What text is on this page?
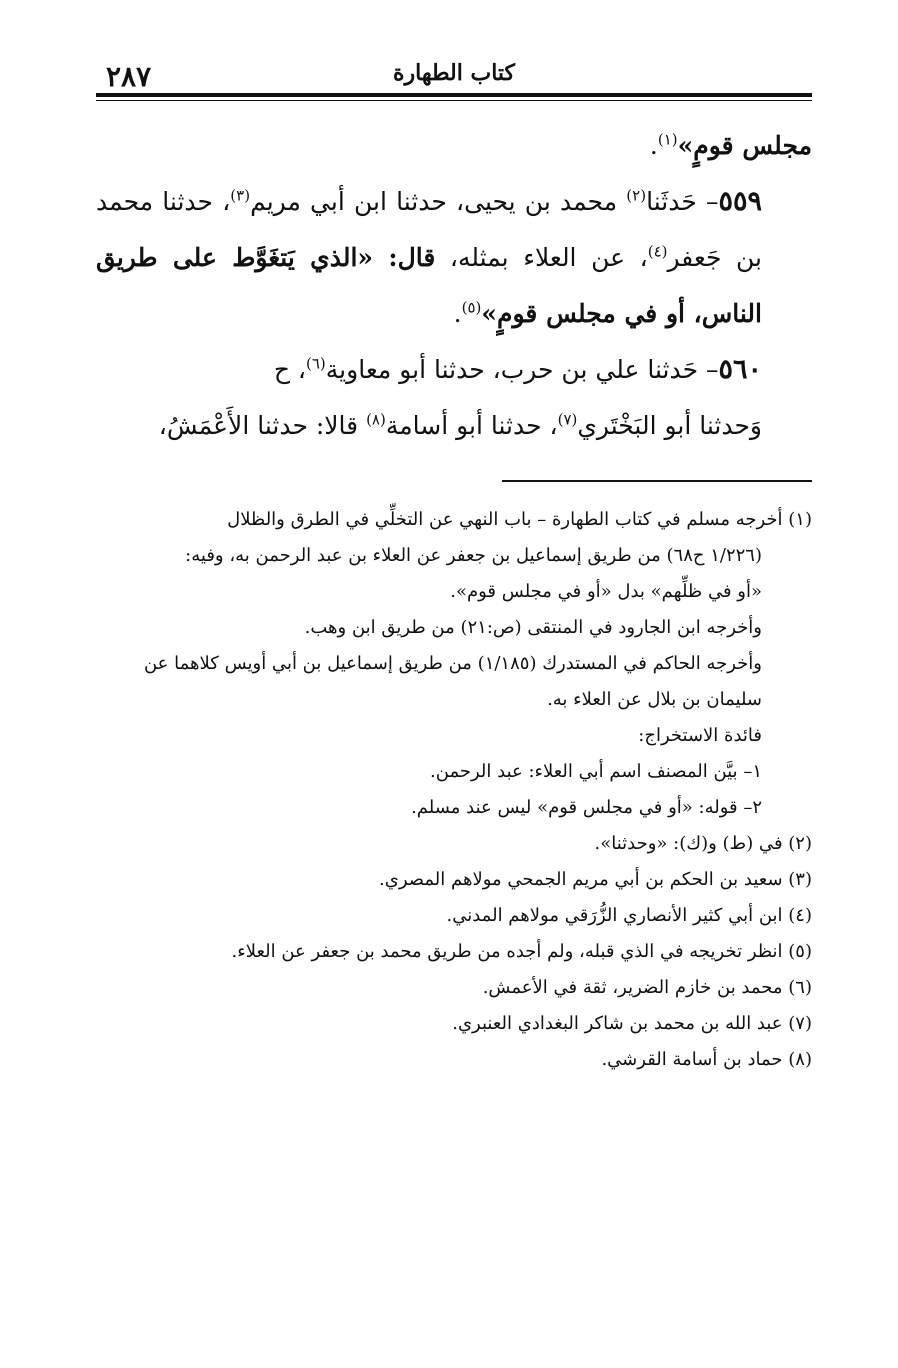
٢٨٧	كتاب الطهارة

مجلس قومٍ»$^{(١)}$.

٥٥٩– حَدثَنا$^{(٢)}$ محمد بن يحيى، حدثنا ابن أبي مريم$^{(٣)}$، حدثنا محمد بن جَعفر$^{(٤)}$، عن العلاء بمثله، قال: «الذي يَتغَوَّط على طريق الناس، أو في مجلس قومٍ»$^{(٥)}$.

٥٦٠– حَدثنا علي بن حرب، حدثنا أبو معاوية$^{(٦)}$، ح

وَحدثنا أبو البَخْتَري$^{(٧)}$، حدثنا أبو أسامة$^{(٨)}$ قالا: حدثنا الأَعْمَشُ،

(١) أخرجه مسلم في كتاب الطهارة – باب النهي عن التخلِّي في الطرق والظلال

(١/٢٢٦ ح٦٨) من طريق إسماعيل بن جعفر عن العلاء بن عبد الرحمن به، وفيه:

«أو في ظلِّهم» بدل «أو في مجلس قوم».

وأخرجه ابن الجارود في المنتقى (ص:٢١) من طريق ابن وهب.

وأخرجه الحاكم في المستدرك (١/١٨٥) من طريق إسماعيل بن أبي أويس كلاهما عن

سليمان بن بلال عن العلاء به.

فائدة الاستخراج:

١– بيَّن المصنف اسم أبي العلاء: عبد الرحمن.

٢– قوله: «أو في مجلس قوم» ليس عند مسلم.

(٢) في (ط) و(ك): «وحدثنا».

(٣) سعيد بن الحكم بن أبي مريم الجمحي مولاهم المصري.

(٤) ابن أبي كثير الأنصاري الزُّرَقي مولاهم المدني.

(٥) انظر تخريجه في الذي قبله، ولم أجده من طريق محمد بن جعفر عن العلاء.

(٦) محمد بن خازم الضرير، ثقة في الأعمش.

(٧) عبد الله بن محمد بن شاكر البغدادي العنبري.

(٨) حماد بن أسامة القرشي.
